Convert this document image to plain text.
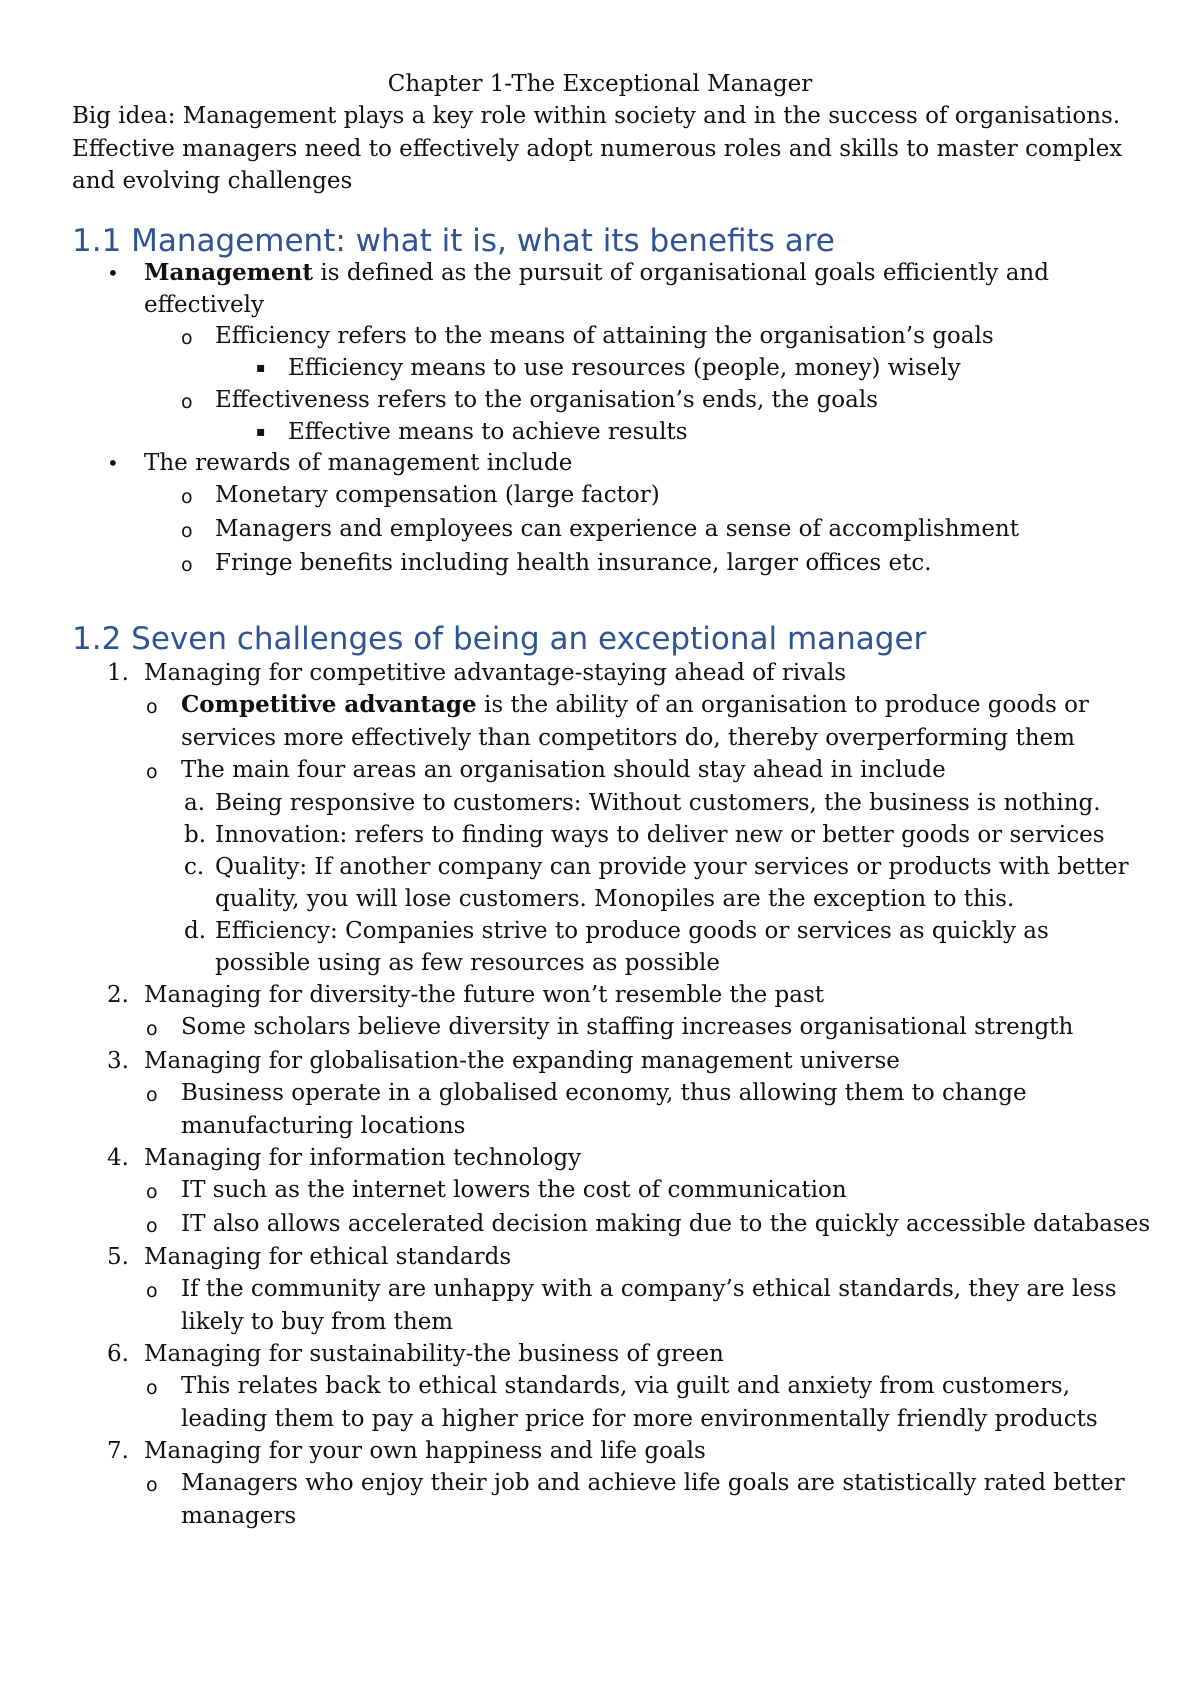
Chapter 1-The Exceptional Manager
Big idea: Management plays a key role within society and in the success of organisations.
Effective managers need to effectively adopt numerous roles and skills to master complex
and evolving challenges
1.1 Management: what it is, what its benefits are
• Management is defined as the pursuit of organisational goals efficiently and
effectively
o Efficiency refers to the means of attaining the organisation’s goals
▪ Efficiency means to use resources (people, money) wisely
o Effectiveness refers to the organisation’s ends, the goals
▪ Effective means to achieve results
• The rewards of management include
o Monetary compensation (large factor)
o Managers and employees can experience a sense of accomplishment
o Fringe benefits including health insurance, larger offices etc.
1.2 Seven challenges of being an exceptional manager
1. Managing for competitive advantage-staying ahead of rivals
o Competitive advantage is the ability of an organisation to produce goods or
services more effectively than competitors do, thereby overperforming them
o The main four areas an organisation should stay ahead in include
a. Being responsive to customers: Without customers, the business is nothing.
b. Innovation: refers to finding ways to deliver new or better goods or services
c. Quality: If another company can provide your services or products with better
quality, you will lose customers. Monopiles are the exception to this.
d. Efficiency: Companies strive to produce goods or services as quickly as
possible using as few resources as possible
2. Managing for diversity-the future won’t resemble the past
o Some scholars believe diversity in staffing increases organisational strength
3. Managing for globalisation-the expanding management universe
o Business operate in a globalised economy, thus allowing them to change
manufacturing locations
4. Managing for information technology
o IT such as the internet lowers the cost of communication
o IT also allows accelerated decision making due to the quickly accessible databases
5. Managing for ethical standards
o If the community are unhappy with a company’s ethical standards, they are less
likely to buy from them
6. Managing for sustainability-the business of green
o This relates back to ethical standards, via guilt and anxiety from customers,
leading them to pay a higher price for more environmentally friendly products
7. Managing for your own happiness and life goals
o Managers who enjoy their job and achieve life goals are statistically rated better
managers
